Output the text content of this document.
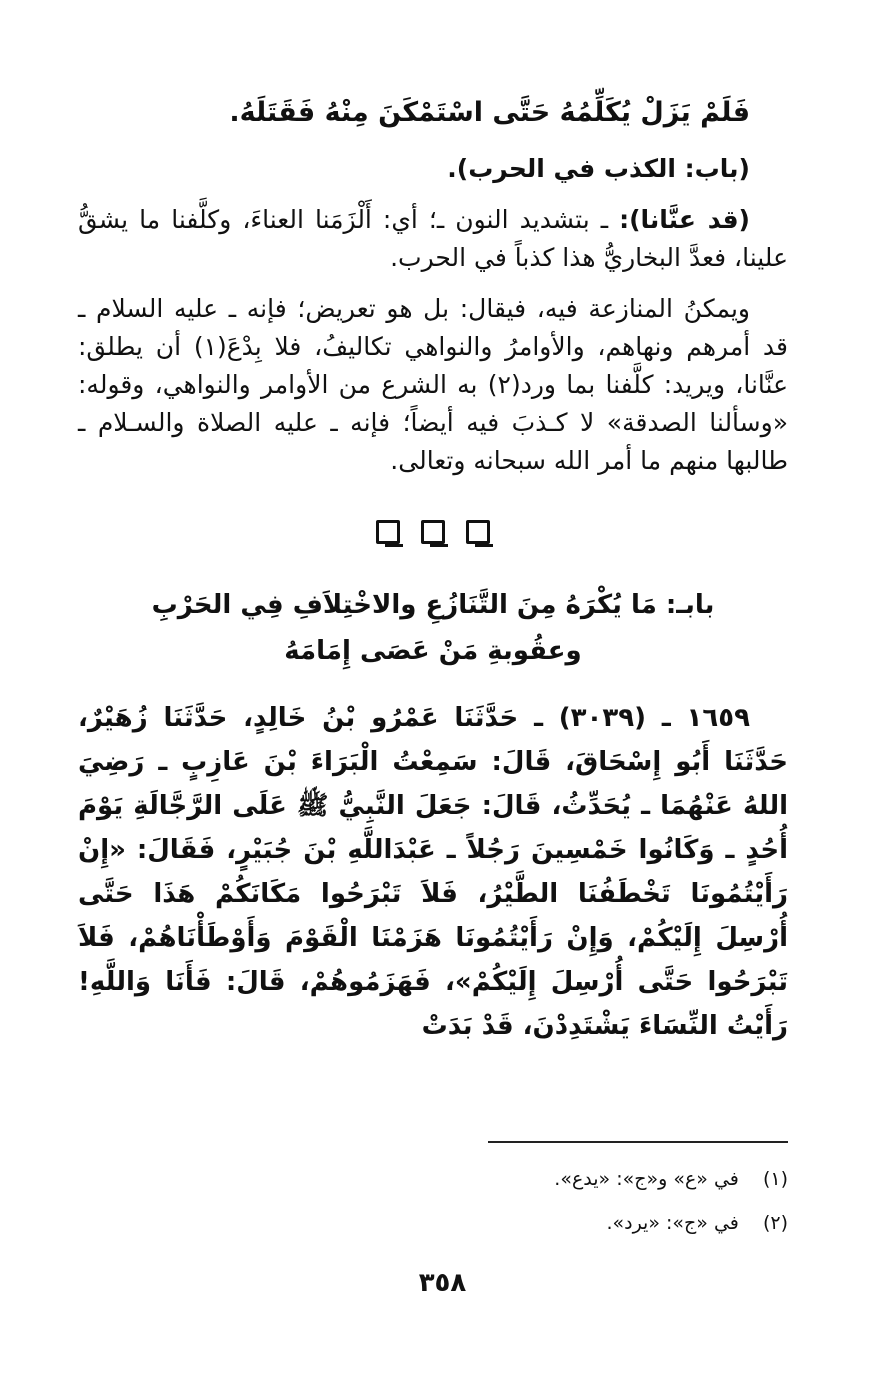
فَلَمْ يَزَلْ يُكَلِّمُهُ حَتَّى اسْتَمْكَنَ مِنْهُ فَقَتَلَهُ.
(باب: الكذب في الحرب).
(قد عنَّانا): ـ بتشديد النون ـ؛ أي: أَلْزَمَنا العناءَ، وكلَّفنا ما يشقُّ علينا، فعدَّ البخاريُّ هذا كذباً في الحرب.
ويمكنُ المنازعة فيه، فيقال: بل هو تعريض؛ فإنه ـ عليه السلام ـ قد أمرهم ونهاهم، والأوامرُ والنواهي تكاليفُ، فلا بِدْعَ(١) أن يطلق: عنَّانا، ويريد: كلَّفنا بما ورد(٢) به الشرع من الأوامر والنواهي، وقوله: «وسألنا الصدقة» لا كـذبَ فيه أيضاً؛ فإنه ـ عليه الصلاة والسـلام ـ طالبها منهم ما أمر الله سبحانه وتعالى.

بابـ: مَا يُكْرَهُ مِنَ التَّنَازُعِ والاخْتِلاَفِ فِي الحَرْبِ
وعقُوبةِ مَنْ عَصَى إِمَامَهُ
١٦٥٩ ـ (٣٠٣٩) ـ حَدَّثَنَا عَمْرُو بْنُ خَالِدٍ، حَدَّثَنَا زُهَيْرٌ، حَدَّثَنَا أَبُو إِسْحَاقَ، قَالَ: سَمِعْتُ الْبَرَاءَ بْنَ عَازِبٍ ـ رَضِيَ اللهُ عَنْهُمَا ـ يُحَدِّثُ، قَالَ: جَعَلَ النَّبِيُّ ﷺ عَلَى الرَّجَّالَةِ يَوْمَ أُحُدٍ ـ وَكَانُوا خَمْسِينَ رَجُلاً ـ عَبْدَاللَّهِ بْنَ جُبَيْرٍ، فَقَالَ: «إِنْ رَأَيْتُمُونَا تَخْطَفُنَا الطَّيْرُ، فَلاَ تَبْرَحُوا مَكَانَكُمْ هَذَا حَتَّى أُرْسِلَ إِلَيْكُمْ، وَإِنْ رَأَيْتُمُونَا هَزَمْنَا الْقَوْمَ وَأَوْطَأْنَاهُمْ، فَلاَ تَبْرَحُوا حَتَّى أُرْسِلَ إِلَيْكُمْ»، فَهَزَمُوهُمْ، قَالَ: فَأَنَا وَاللَّهِ! رَأَيْتُ النِّسَاءَ يَشْتَدِدْنَ، قَدْ بَدَتْ
(١) في «ع» و«ج»: «يدع».
(٢) في «ج»: «يرد».
٣٥٨
